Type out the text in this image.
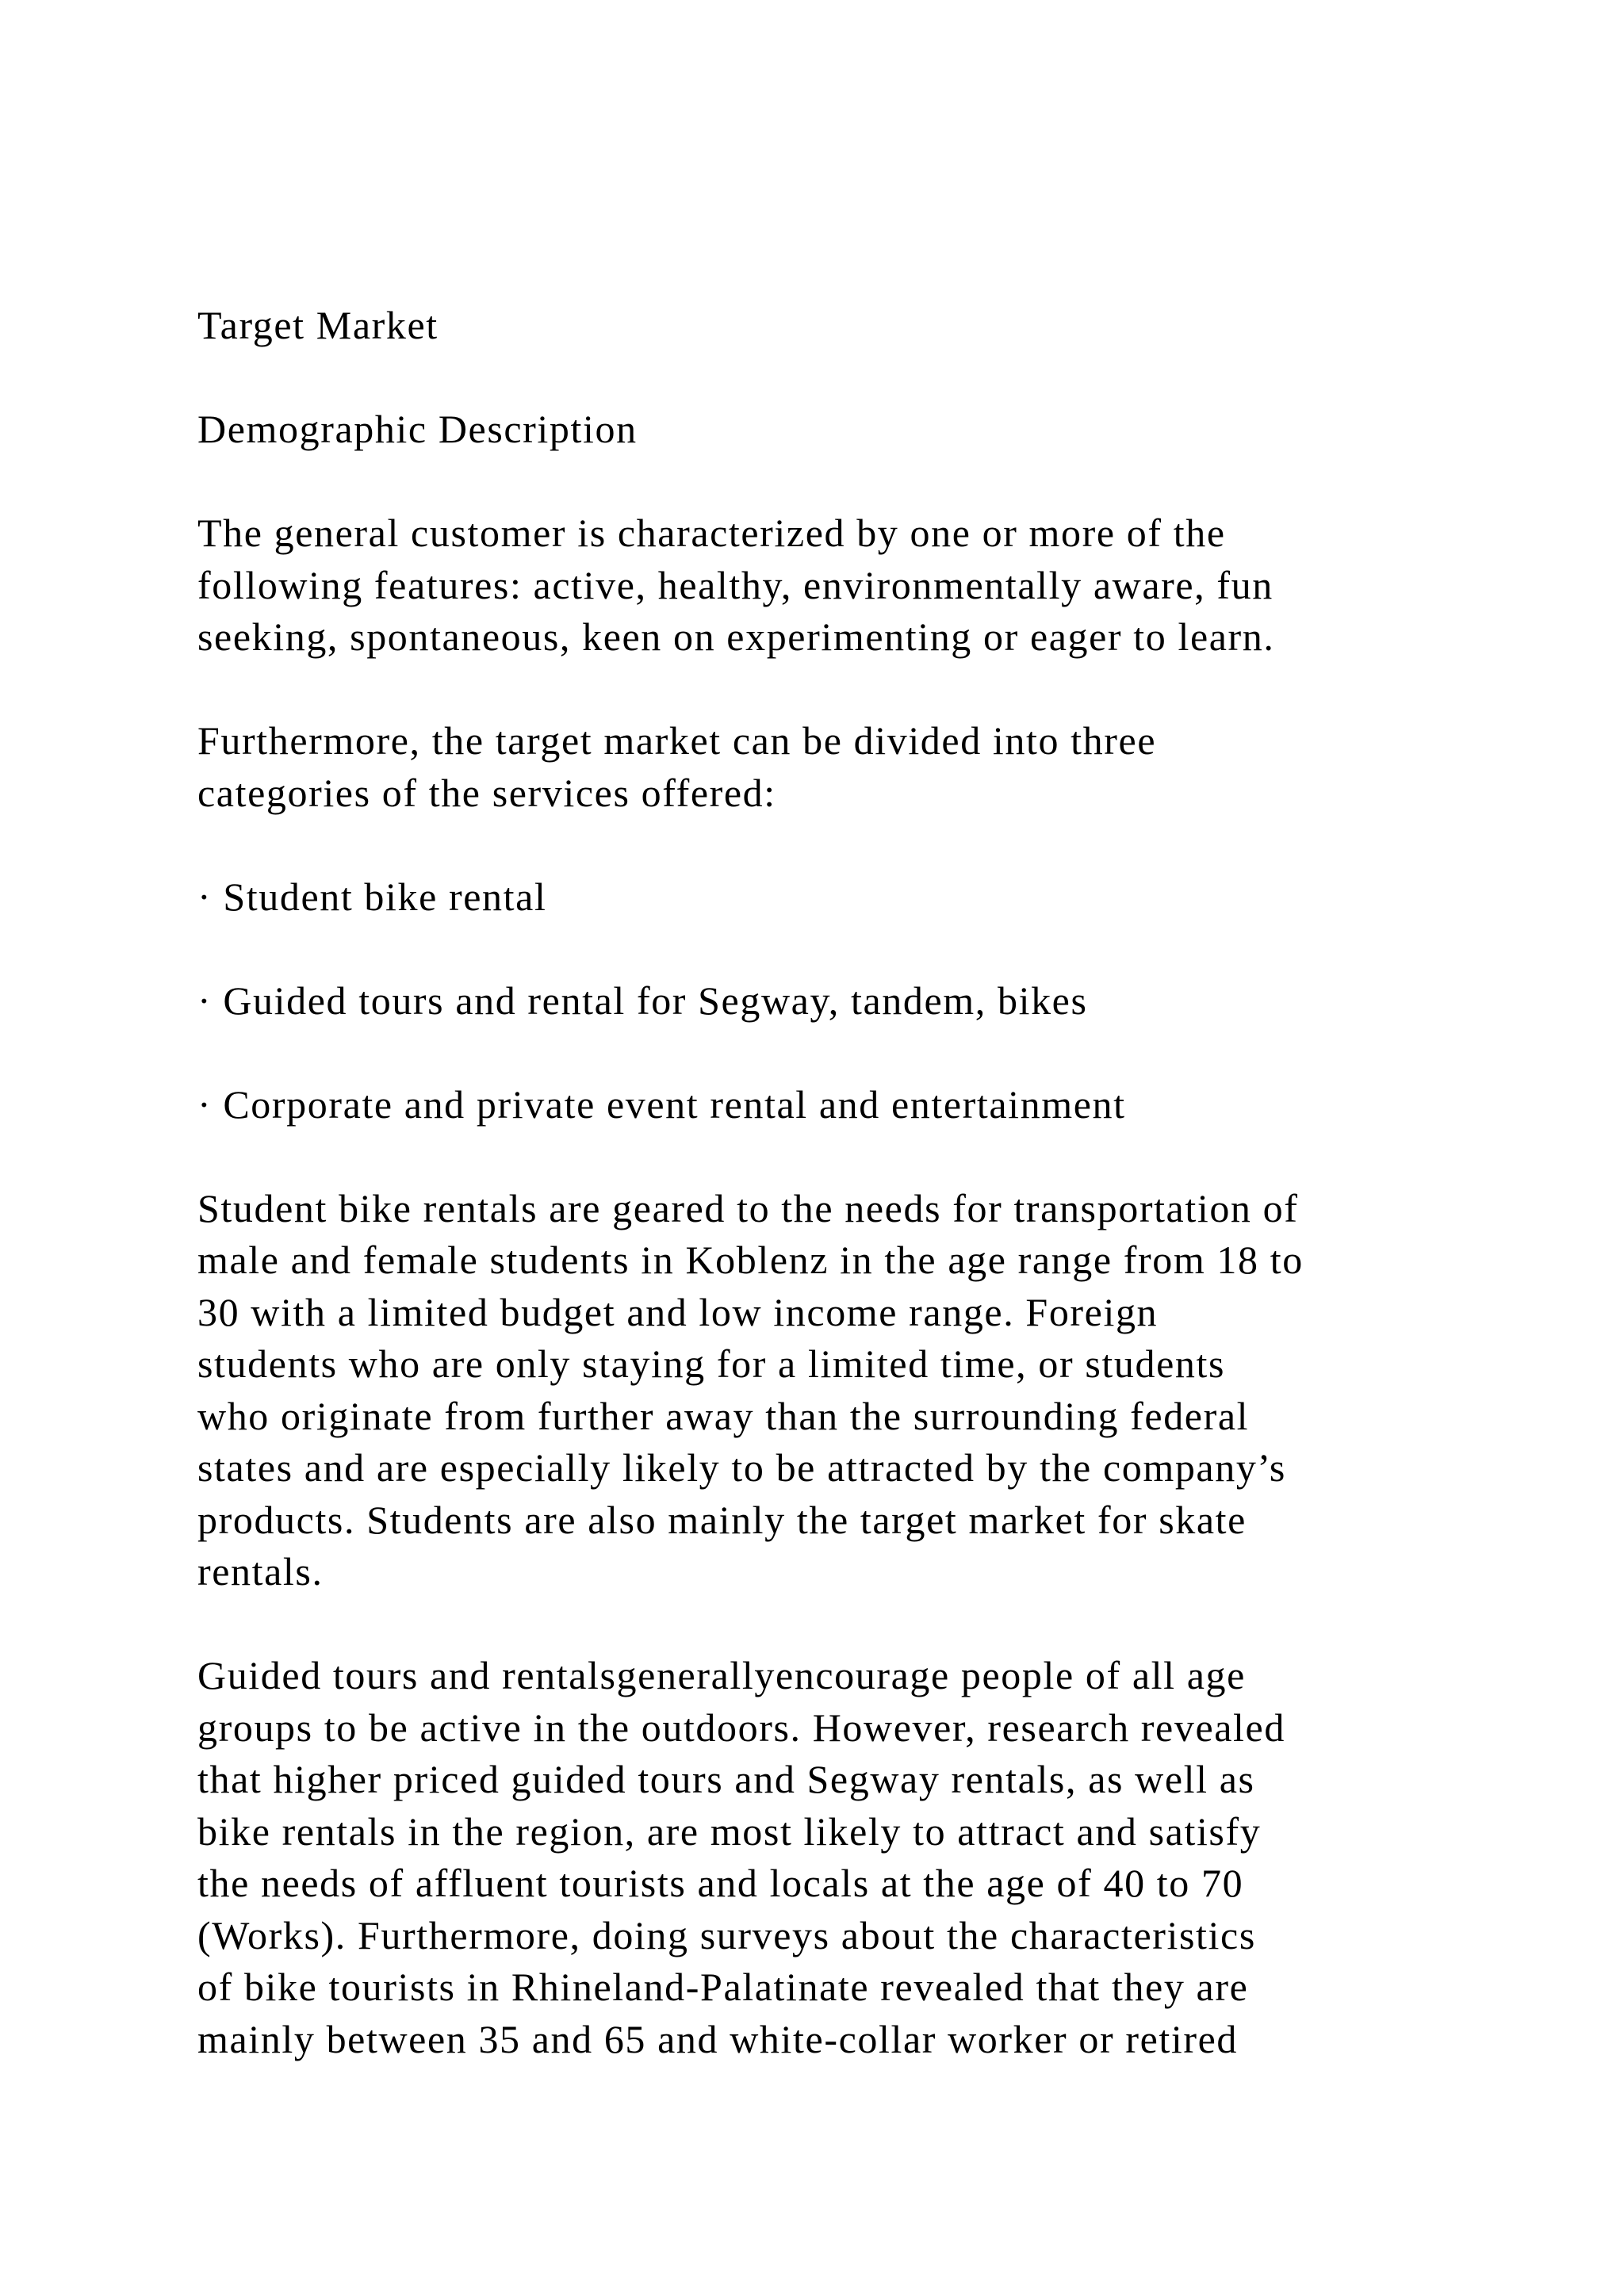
Target Market

Demographic Description

The general customer is characterized by one or more of the
following features: active, healthy, environmentally aware, fun
seeking, spontaneous, keen on experimenting or eager to learn.

Furthermore, the target market can be divided into three
categories of the services offered:

· Student bike rental

· Guided tours and rental for Segway, tandem, bikes

· Corporate and private event rental and entertainment

Student bike rentals are geared to the needs for transportation of
male and female students in Koblenz in the age range from 18 to
30 with a limited budget and low income range. Foreign
students who are only staying for a limited time, or students
who originate from further away than the surrounding federal
states and are especially likely to be attracted by the company’s
products. Students are also mainly the target market for skate
rentals.

Guided tours and rentalsgenerallyencourage people of all age
groups to be active in the outdoors. However, research revealed
that higher priced guided tours and Segway rentals, as well as
bike rentals in the region, are most likely to attract and satisfy
the needs of affluent tourists and locals at the age of 40 to 70
(Works). Furthermore, doing surveys about the characteristics
of bike tourists in Rhineland-Palatinate revealed that they are
mainly between 35 and 65 and white-collar worker or retired
